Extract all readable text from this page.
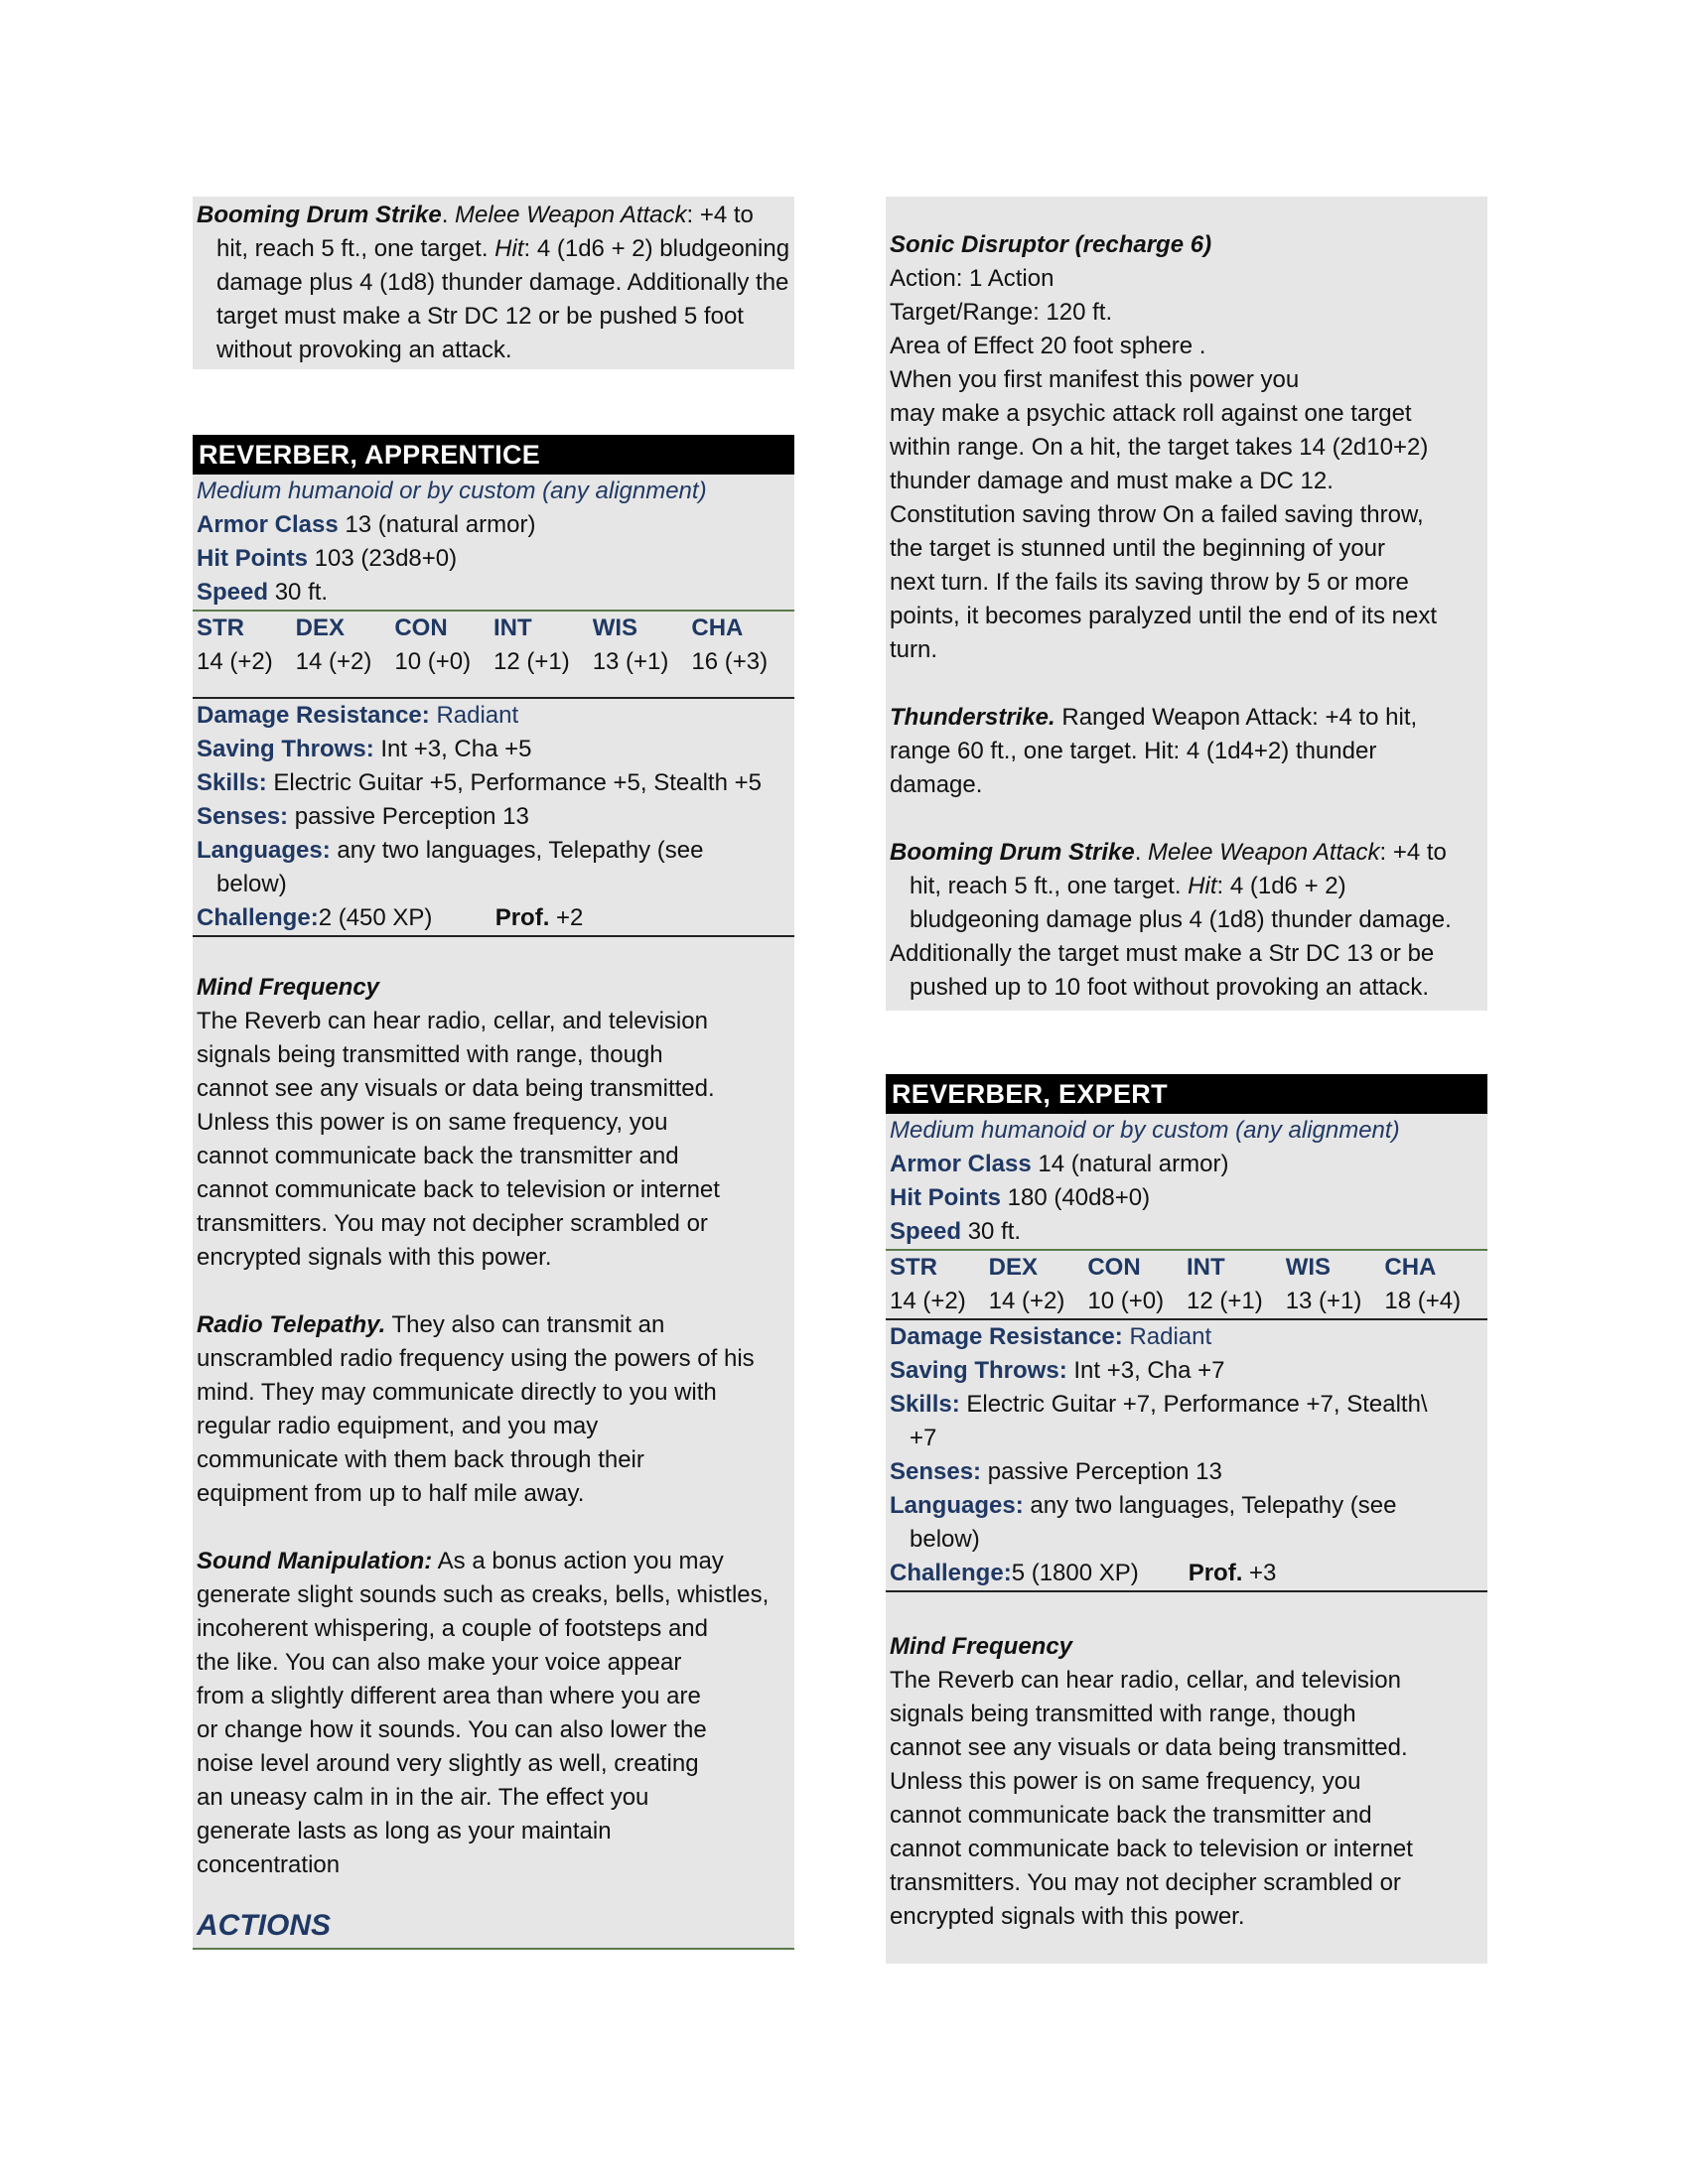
Booming Drum Strike. Melee Weapon Attack: +4 to hit, reach 5 ft., one target. Hit: 4 (1d6 + 2) bludgeoning damage plus 4 (1d8) thunder damage. Additionally the target must make a Str DC 12 or be pushed 5 foot without provoking an attack.

REVERBER, APPRENTICE

Medium humanoid or by custom (any alignment)

Armor Class 13 (natural armor)

Hit Points 103 (23d8+0)

Speed 30 ft.

STR	DEX	CON	INT	WIS	CHA
14 (+2) 14 (+2) 10 (+0) 12 (+1) 13 (+1) 16 (+3)

Damage Resistance: Radiant

Saving Throws: Int +3, Cha +5

Skills: Electric Guitar +5, Performance +5, Stealth +5

Senses: passive Perception 13

Languages: any two languages, Telepathy (see

below)

Challenge:2 (450 XP)	Prof. +2

Mind Frequency

The Reverb can hear radio, cellar, and television

signals being transmitted with range, though

cannot see any visuals or data being transmitted.

Unless this power is on same frequency, you

cannot communicate back the transmitter and

cannot communicate back to television or internet

transmitters. You may not decipher scrambled or

encrypted signals with this power.

Radio Telepathy. They also can transmit an

unscrambled radio frequency using the powers of his

mind. They may communicate directly to you with

regular radio equipment, and you may

communicate with them back through their

equipment from up to half mile away.

Sound Manipulation: As a bonus action you may

generate slight sounds such as creaks, bells, whistles,

incoherent whispering, a couple of footsteps and

the like. You can also make your voice appear

from a slightly different area than where you are

or change how it sounds. You can also lower the

noise level around very slightly as well, creating

an uneasy calm in in the air. The effect you

generate lasts as long as your maintain

concentration

ACTIONS

Sonic Disruptor (recharge 6)

Action: 1 Action

Target/Range: 120 ft.

Area of Effect 20 foot sphere .

When you first manifest this power you

may make a psychic attack roll against one target

within range. On a hit, the target takes 14 (2d10+2)

thunder damage and must make a DC 12.

Constitution saving throw On a failed saving throw,

the target is stunned until the beginning of your

next turn. If the fails its saving throw by 5 or more

points, it becomes paralyzed until the end of its next

turn.

Thunderstrike. Ranged Weapon Attack: +4 to hit,

range 60 ft., one target. Hit: 4 (1d4+2) thunder

damage.

Booming Drum Strike. Melee Weapon Attack: +4 to

hit, reach 5 ft., one target. Hit: 4 (1d6 + 2)

bludgeoning damage plus 4 (1d8) thunder damage.

Additionally the target must make a Str DC 13 or be

pushed up to 10 foot without provoking an attack.

REVERBER, EXPERT

Medium humanoid or by custom (any alignment)

Armor Class 14 (natural armor)

Hit Points 180 (40d8+0)

Speed 30 ft.

STR	DEX	CON	INT	WIS	CHA
14 (+2) 14 (+2) 10 (+0) 12 (+1) 13 (+1) 18 (+4)

Damage Resistance: Radiant

Saving Throws: Int +3, Cha +7

Skills: Electric Guitar +7, Performance +7, Stealth\

+7

Senses: passive Perception 13

Languages: any two languages, Telepathy (see

below)

Challenge:5 (1800 XP) Prof. +3

Mind Frequency

The Reverb can hear radio, cellar, and television

signals being transmitted with range, though

cannot see any visuals or data being transmitted.

Unless this power is on same frequency, you

cannot communicate back the transmitter and

cannot communicate back to television or internet

transmitters. You may not decipher scrambled or

encrypted signals with this power.
